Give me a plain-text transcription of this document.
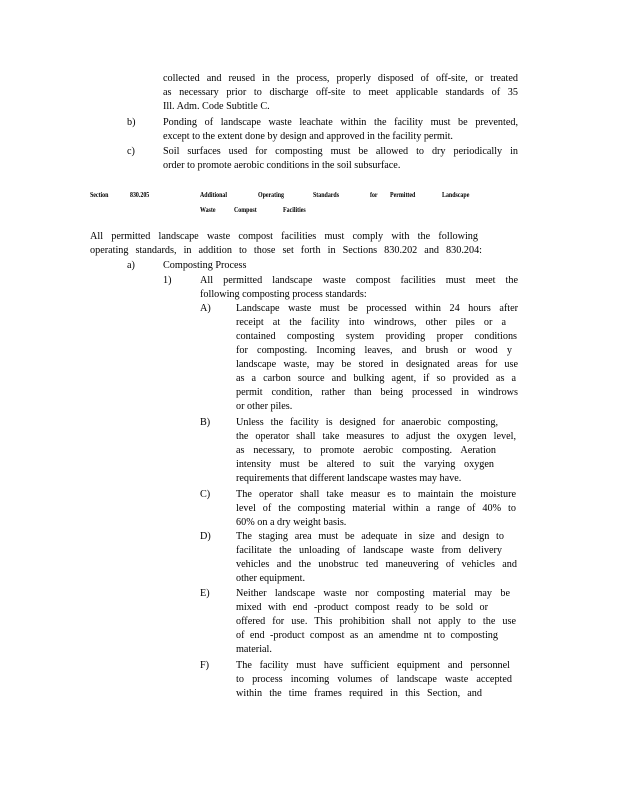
collected and reused in the process, properly disposed of off-site, or treated
as necessary prior to discharge off-site to meet applicable standards of 35
Ill. Adm. Code Subtitle C.
b)	Ponding of landscape waste leachate within the facility must be prevented,
except to the extent done by design and approved in the facility permit.
c)	Soil surfaces used for composting must be allowed to dry periodically in
order to promote aerobic conditions in the soil subsurface.
Section	830.205	Additional	Operating	Standards	for Permitted	Landscape
Waste Compost	Facilities
All permitted landscape waste compost facilities must comply with the following
operating standards, in addition to those set forth in Sections 830.202 and 830.204:
a)	Composting Process
1)	All permitted landscape waste compost facilities must meet the
following composting process standards:
A) Landscape waste must be processed within 24 hours after
receipt at the facility into windrows, other piles or a
contained composting system providing proper conditions
for composting. Incoming leaves, and brush or wood y
landscape waste, may be stored in designated areas for use
as a carbon source and bulking agent, if so provided as a
permit condition, rather than being processed in windrows
or other piles.
B)	Unless the facility is designed for anaerobic composting,
the operator shall take measures to adjust the oxygen level,
as necessary, to promote aerobic composting. Aeration
intensity must be altered to suit the varying oxygen
requirements that different landscape wastes may have.
C)	The operator shall take measur es to maintain the moisture
level of the composting material within a range of 40% to
60% on a dry weight basis.
D) The staging area must be adequate in size and design to
facilitate the unloading of landscape waste from delivery
vehicles and the unobstruc ted maneuvering of vehicles and
other equipment.
E)	Neither landscape waste nor composting material may be
mixed with end -product compost ready to be sold or
offered for use. This prohibition shall not apply to the use
of end -product compost as an amendme nt to composting
material.
F)	The facility must have sufficient equipment and personnel
to process incoming volumes of landscape waste accepted
within the time frames required in this Section, and
